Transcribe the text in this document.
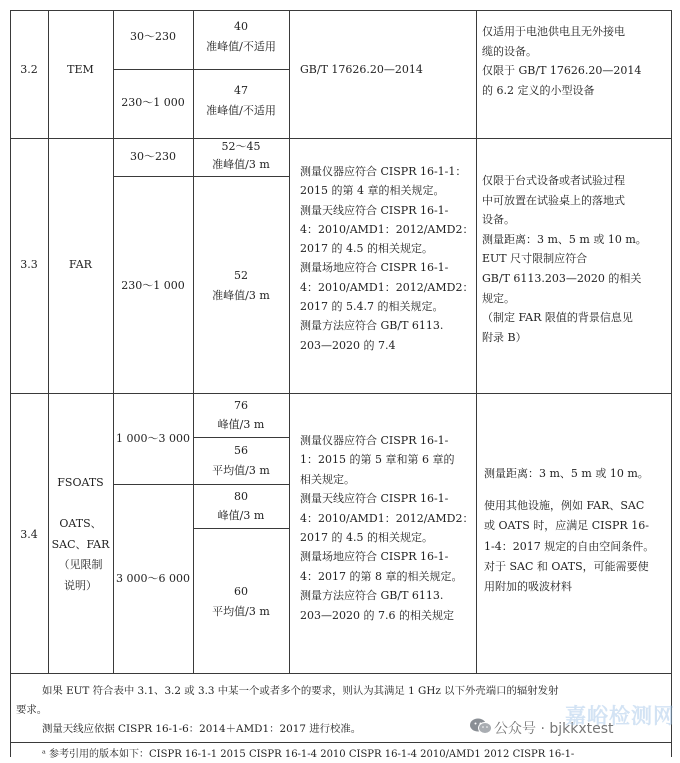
3.2	TEM
30～230
40
准峰值/不适用
230～1 000
47
准峰值/不适用
GB/T 17626.20—2014
仅适用于电池供电且无外接电
缆的设备。
仅限于 GB/T 17626.20—2014
的 6.2 定义的小型设备
3.3	FAR
30～230
52～45
准峰值/3 m
230～1 000
52
准峰值/3 m
测量仪器应符合 CISPR 16-1-1：
2015 的第 4 章的相关规定。
测量天线应符合 CISPR 16-1-
4：2010/AMD1：2012/AMD2：
2017 的 4.5 的相关规定。
测量场地应符合 CISPR 16-1-
4：2010/AMD1：2012/AMD2：
2017 的 5.4.7 的相关规定。
测量方法应符合 GB/T 6113.
203—2020 的 7.4
仅限于台式设备或者试验过程
中可放置在试验桌上的落地式
设备。
测量距离：3 m、5 m 或 10 m。
EUT 尺寸限制应符合
GB/T 6113.203—2020 的相关
规定。
（制定 FAR 限值的背景信息见
附录 B）
3.4
FSOATS
OATS、
SAC、FAR
（见限制
说明）
1 000～3 000
3 000～6 000
76
峰值/3 m
56
平均值/3 m
80
峰值/3 m
60
平均值/3 m
测量仪器应符合 CISPR 16-1-
1：2015 的第 5 章和第 6 章的
相关规定。
测量天线应符合 CISPR 16-1-
4：2010/AMD1：2012/AMD2：
2017 的 4.5 的相关规定。
测量场地应符合 CISPR 16-1-
4：2017 的第 8 章的相关规定。
测量方法应符合 GB/T 6113.
203—2020 的 7.6 的相关规定
测量距离：3 m、5 m 或 10 m。
使用其他设施，例如 FAR、SAC
或 OATS 时，应满足 CISPR 16-
1-4：2017 规定的自由空间条件。
对于 SAC 和 OATS，可能需要使
用附加的吸波材料
如果 EUT 符合表中 3.1、3.2 或 3.3 中某一个或者多个的要求，则认为其满足 1 GHz 以下外壳端口的辐射发射
要求。
测量天线应依据 CISPR 16-1-6：2014＋AMD1：2017 进行校准。
ᵃ 参考引用的版本如下：CISPR 16-1-1 2015 CISPR 16-1-4 2010 CISPR 16-1-4 2010/AMD1 2012 CISPR 16-1-
公众号 · bjkkxtest
嘉峪检测网
